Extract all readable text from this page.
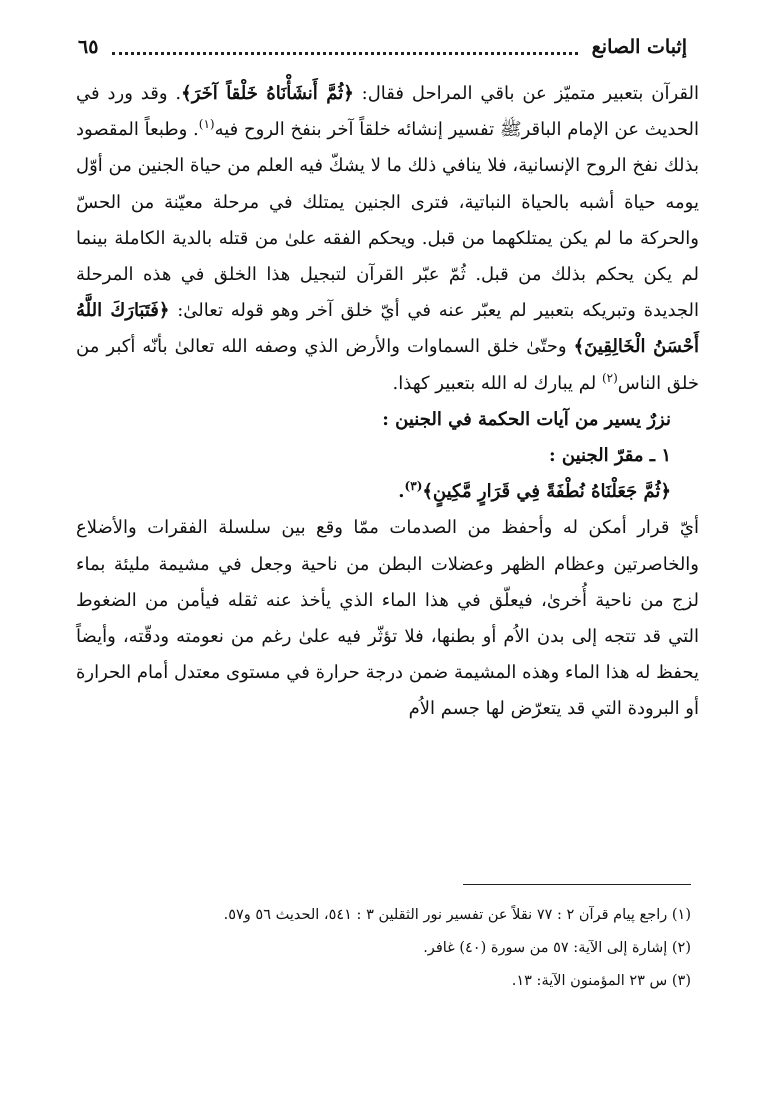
إثبات الصانع
٦٥

القرآن بتعبير متميّز عن باقي المراحل فقال: ﴿ثُمَّ أَنشَأْنَاهُ خَلْقاً آخَرَ﴾. وقد ورد في الحديث عن الإمام الباقرﷺ تفسير إنشائه خلقاً آخر بنفخ الروح فيه$^{(١)}$. وطبعاً المقصود بذلك نفخ الروح الإنسانية، فلا ينافي ذلك ما لا يشكّ فيه العلم من حياة الجنين من أوّل يومه حياة أشبه بالحياة النباتية، فترى الجنين يمتلك في مرحلة معيّنة من الحسّ والحركة ما لم يكن يمتلكهما من قبل. ويحكم الفقه علىٰ من قتله بالدية الكاملة بينما لم يكن يحكم بذلك من قبل. ثُمّ عبّر القرآن لتبجيل هذا الخلق في هذه المرحلة الجديدة وتبريكه بتعبير لم يعبّر عنه في أيّ خلق آخر وهو قوله تعالىٰ: ﴿فَتَبَارَكَ اللَّهُ أَحْسَنُ الْخَالِقِينَ﴾ وحتّىٰ خلق السماوات والأرض الذي وصفه الله تعالىٰ بأنّه أكبر من خلق الناس$^{(٢)}$ لم يبارك له الله بتعبير كهذا.

نزرٌ يسير من آيات الحكمة في الجنين :

١ ـ مقرّ الجنين :

﴿ثُمَّ جَعَلْنَاهُ نُطْفَةً فِي قَرَارٍ مَّكِينٍ﴾$^{(٣)}$.

أيّ قرار أمكن له وأحفظ من الصدمات ممّا وقع بين سلسلة الفقرات والأضلاع والخاصرتين وعظام الظهر وعضلات البطن من ناحية وجعل في مشيمة مليئة بماء لزج من ناحية أُخرىٰ، فيعلّق في هذا الماء الذي يأخذ عنه ثقله فيأمن من الضغوط التي قد تتجه إلى بدن الاُم أو بطنها، فلا تؤثّر فيه علىٰ رغم من نعومته ودقّته، وأيضاً يحفظ له هذا الماء وهذه المشيمة ضمن درجة حرارة في مستوى معتدل أمام الحرارة أو البرودة التي قد يتعرّض لها جسم الاُم

(١) راجع پيام قرآن ٢ : ٧٧ نقلاً عن تفسير نور الثقلين ٣ : ٥٤١، الحديث ٥٦ و٥٧.
(٢) إشارة إلى الآية: ٥٧ من سورة (٤٠) غافر.
(٣) س ٢٣ المؤمنون الآية: ١٣.
